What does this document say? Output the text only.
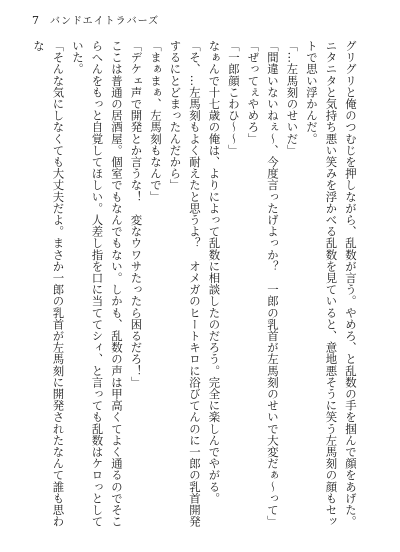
7 バンドエイトラバーズ

グリグリと俺のつむじを押しながら、乱数が言う。やめろ、と乱数の手を掴んで顔をあげた。

ニタニタと気持ち悪い笑みを浮かべる乱数を見ていると、意地悪そうに笑う左馬刻の顔もセットで思い浮かんだ。

「…左馬刻のせいだ」

「間違いないねぇ～、今度言ったげよっか？　一郎の乳首が左馬刻のせいで大変だぁ～って」

「ぜってぇやめろ」

「一郎顔こわひ～～」

なぁんで十七歳の俺は、よりによって乱数に相談したのだろう。完全に楽しんでやがる。

「そ、…左馬刻もよく耐えたと思うよ？　オメガのヒートキロに浴びてんのに一郎の乳首開発するにとどまったんだから」

「まぁまぁ、左馬刻もなんで」

「デケェ声で開発とか言うな！　変なウワサたったら困るだろ！」

ここは普通の居酒屋。個室でもなんでもない。しかも、乱数の声は甲高くてよく通るのでそこらへんをもっと自覚してほしい。人差し指を口に当ててシィ、と言っても乱数はケロっとしていた。

「そんな気にしなくても大丈夫だよ。まさか一郎の乳首が左馬刻に開発されたなんて誰も思わな
